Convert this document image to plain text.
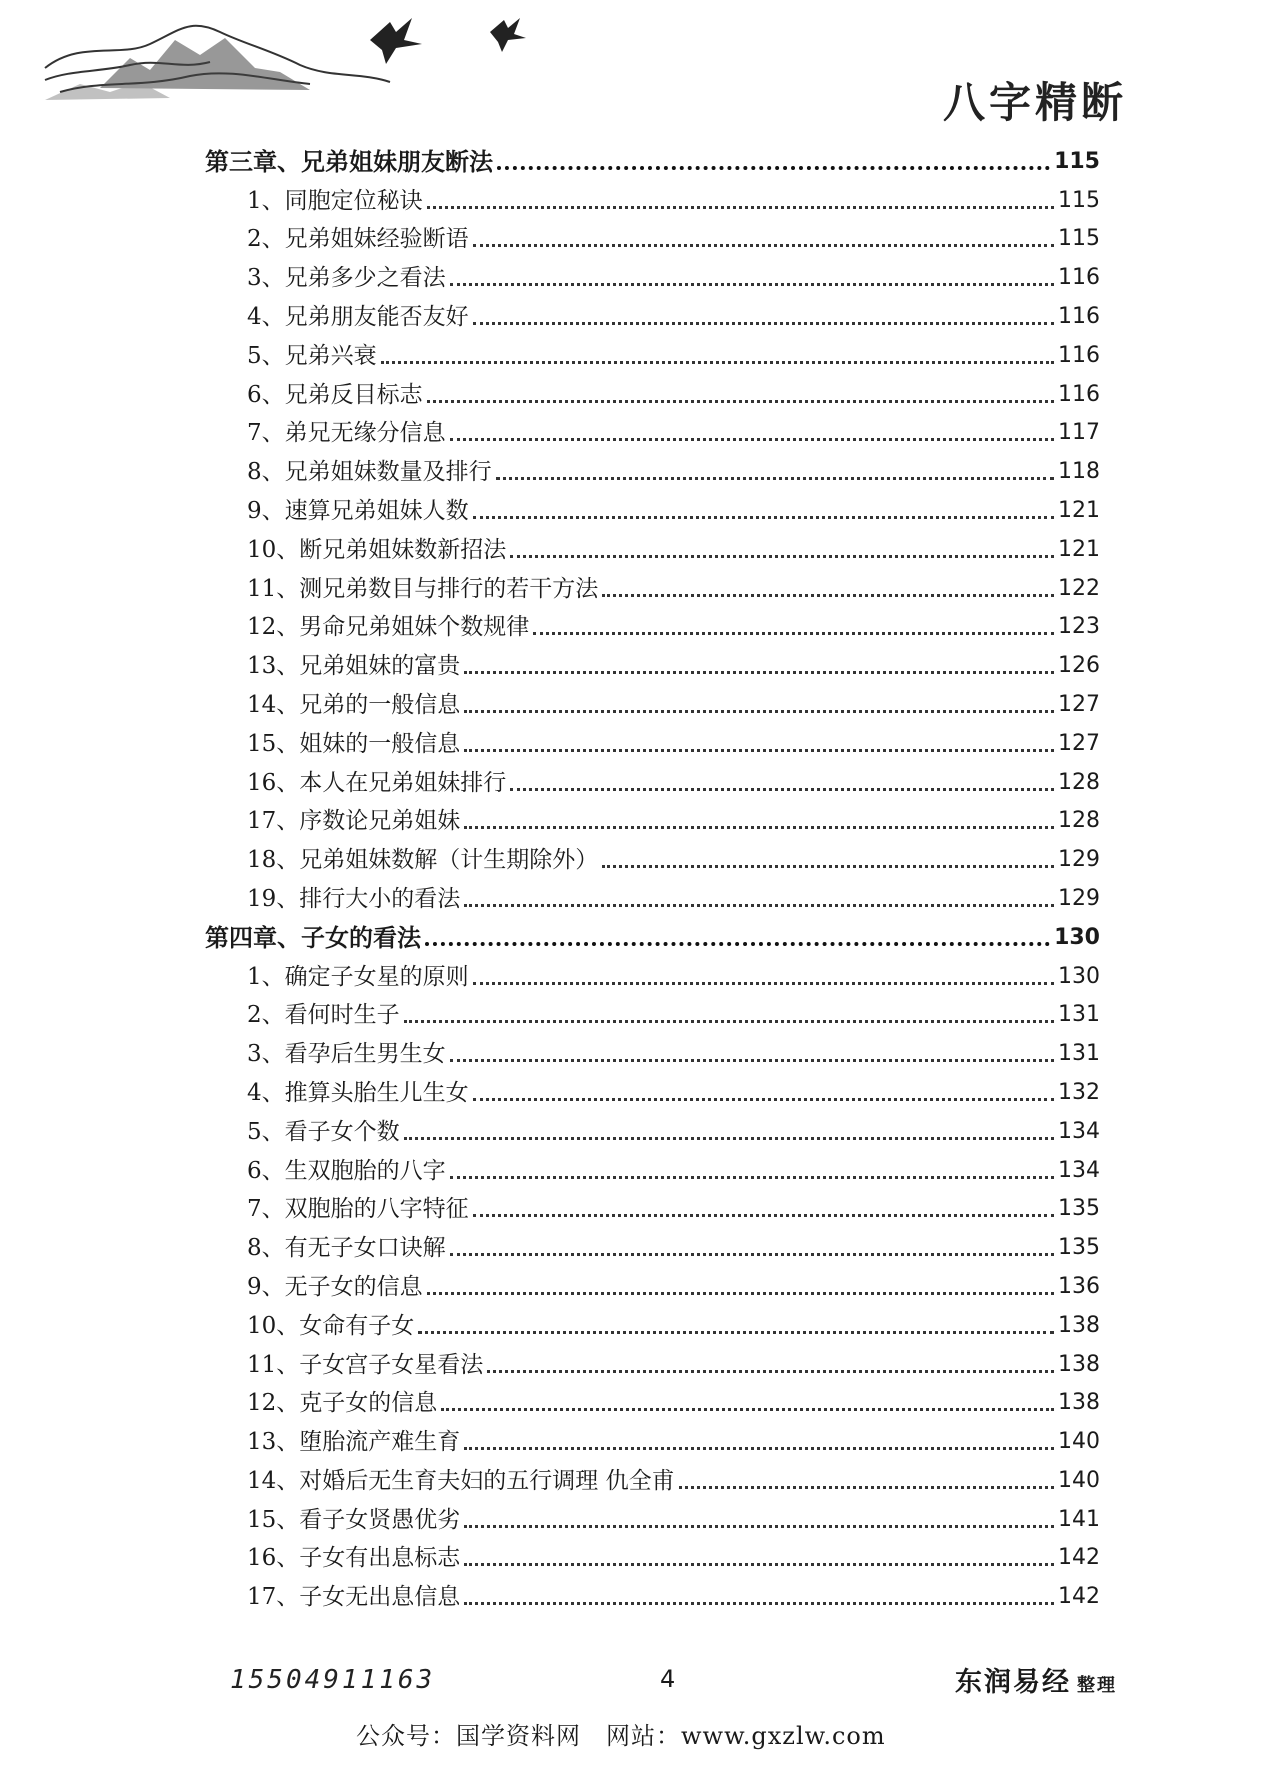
八字精断
第三章、兄弟姐妹朋友断法	115
1、同胞定位秘诀	115
2、兄弟姐妹经验断语	115
3、兄弟多少之看法	116
4、兄弟朋友能否友好	116
5、兄弟兴衰	116
6、兄弟反目标志	116
7、弟兄无缘分信息	117
8、兄弟姐妹数量及排行	118
9、速算兄弟姐妹人数	121
10、断兄弟姐妹数新招法	121
11、测兄弟数目与排行的若干方法	122
12、男命兄弟姐妹个数规律	123
13、兄弟姐妹的富贵	126
14、兄弟的一般信息	127
15、姐妹的一般信息	127
16、本人在兄弟姐妹排行	128
17、序数论兄弟姐妹	128
18、兄弟姐妹数解（计生期除外）	129
19、排行大小的看法	129
第四章、子女的看法	130
1、确定子女星的原则	130
2、看何时生子	131
3、看孕后生男生女	131
4、推算头胎生儿生女	132
5、看子女个数	134
6、生双胞胎的八字	134
7、双胞胎的八字特征	135
8、有无子女口诀解	135
9、无子女的信息	136
10、女命有子女	138
11、子女宫子女星看法	138
12、克子女的信息	138
13、堕胎流产难生育	140
14、对婚后无生育夫妇的五行调理 仇全甫	140
15、看子女贤愚优劣	141
16、子女有出息标志	142
17、子女无出息信息	142
15504911163	4	东润易经 整理
公众号：国学资料网　网站：www.gxzlw.com
